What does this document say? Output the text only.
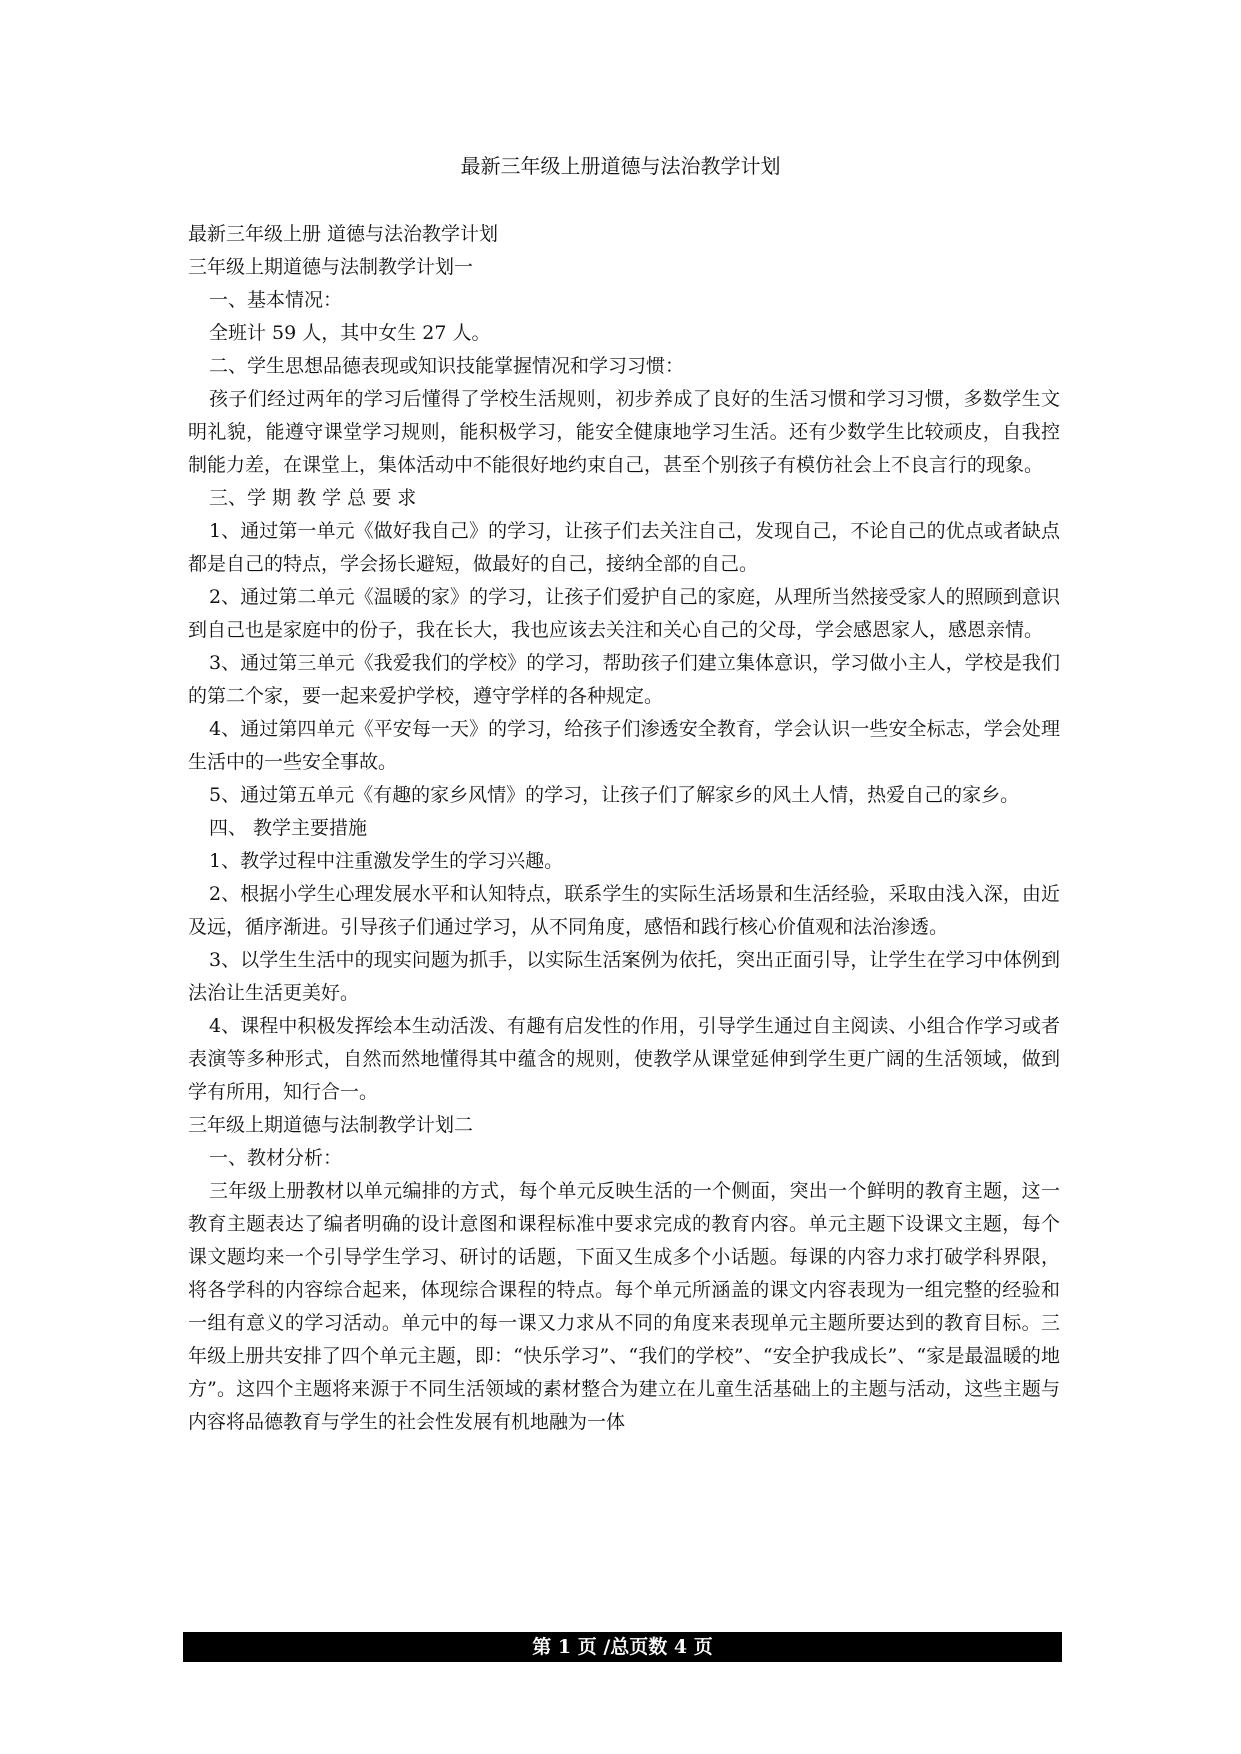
最新三年级上册道德与法治教学计划

最新三年级上册 道德与法治教学计划

三年级上期道德与法制教学计划一

一、基本情况：

全班计 59 人，其中女生 27 人。

二、学生思想品德表现或知识技能掌握情况和学习习惯：

孩子们经过两年的学习后懂得了学校生活规则，初步养成了良好的生活习惯和学习习惯，多数学生文明礼貌，能遵守课堂学习规则，能积极学习，能安全健康地学习生活。还有少数学生比较顽皮，自我控制能力差，在课堂上，集体活动中不能很好地约束自己，甚至个别孩子有模仿社会上不良言行的现象。

三、学 期 教 学 总 要 求

1、通过第一单元《做好我自己》的学习，让孩子们去关注自己，发现自己，不论自己的优点或者缺点都是自己的特点，学会扬长避短，做最好的自己，接纳全部的自己。

2、通过第二单元《温暖的家》的学习，让孩子们爱护自己的家庭，从理所当然接受家人的照顾到意识到自己也是家庭中的份子，我在长大，我也应该去关注和关心自己的父母，学会感恩家人，感恩亲情。

3、通过第三单元《我爱我们的学校》的学习，帮助孩子们建立集体意识，学习做小主人，学校是我们的第二个家，要一起来爱护学校，遵守学样的各种规定。

4、通过第四单元《平安每一天》的学习，给孩子们渗透安全教育，学会认识一些安全标志，学会处理生活中的一些安全事故。

5、通过第五单元《有趣的家乡风情》的学习，让孩子们了解家乡的风土人情，热爱自己的家乡。

四、 教学主要措施

1、教学过程中注重激发学生的学习兴趣。

2、根据小学生心理发展水平和认知特点，联系学生的实际生活场景和生活经验，采取由浅入深，由近及远，循序渐进。引导孩子们通过学习，从不同角度，感悟和践行核心价值观和法治渗透。

3、以学生生活中的现实问题为抓手，以实际生活案例为依托，突出正面引导，让学生在学习中体例到法治让生活更美好。

4、课程中积极发挥绘本生动活泼、有趣有启发性的作用，引导学生通过自主阅读、小组合作学习或者表演等多种形式，自然而然地懂得其中蕴含的规则，使教学从课堂延伸到学生更广阔的生活领域，做到学有所用，知行合一。

三年级上期道德与法制教学计划二

一、教材分析：

三年级上册教材以单元编排的方式，每个单元反映生活的一个侧面，突出一个鲜明的教育主题，这一教育主题表达了编者明确的设计意图和课程标准中要求完成的教育内容。单元主题下设课文主题，每个课文题均来一个引导学生学习、研讨的话题，下面又生成多个小话题。每课的内容力求打破学科界限，将各学科的内容综合起来，体现综合课程的特点。每个单元所涵盖的课文内容表现为一组完整的经验和一组有意义的学习活动。单元中的每一课又力求从不同的角度来表现单元主题所要达到的教育目标。三年级上册共安排了四个单元主题，即：“快乐学习”、“我们的学校”、“安全护我成长”、“家是最温暖的地方”。这四个主题将来源于不同生活领域的素材整合为建立在儿童生活基础上的主题与活动，这些主题与内容将品德教育与学生的社会性发展有机地融为一体

第 1 页 /总页数 4 页
